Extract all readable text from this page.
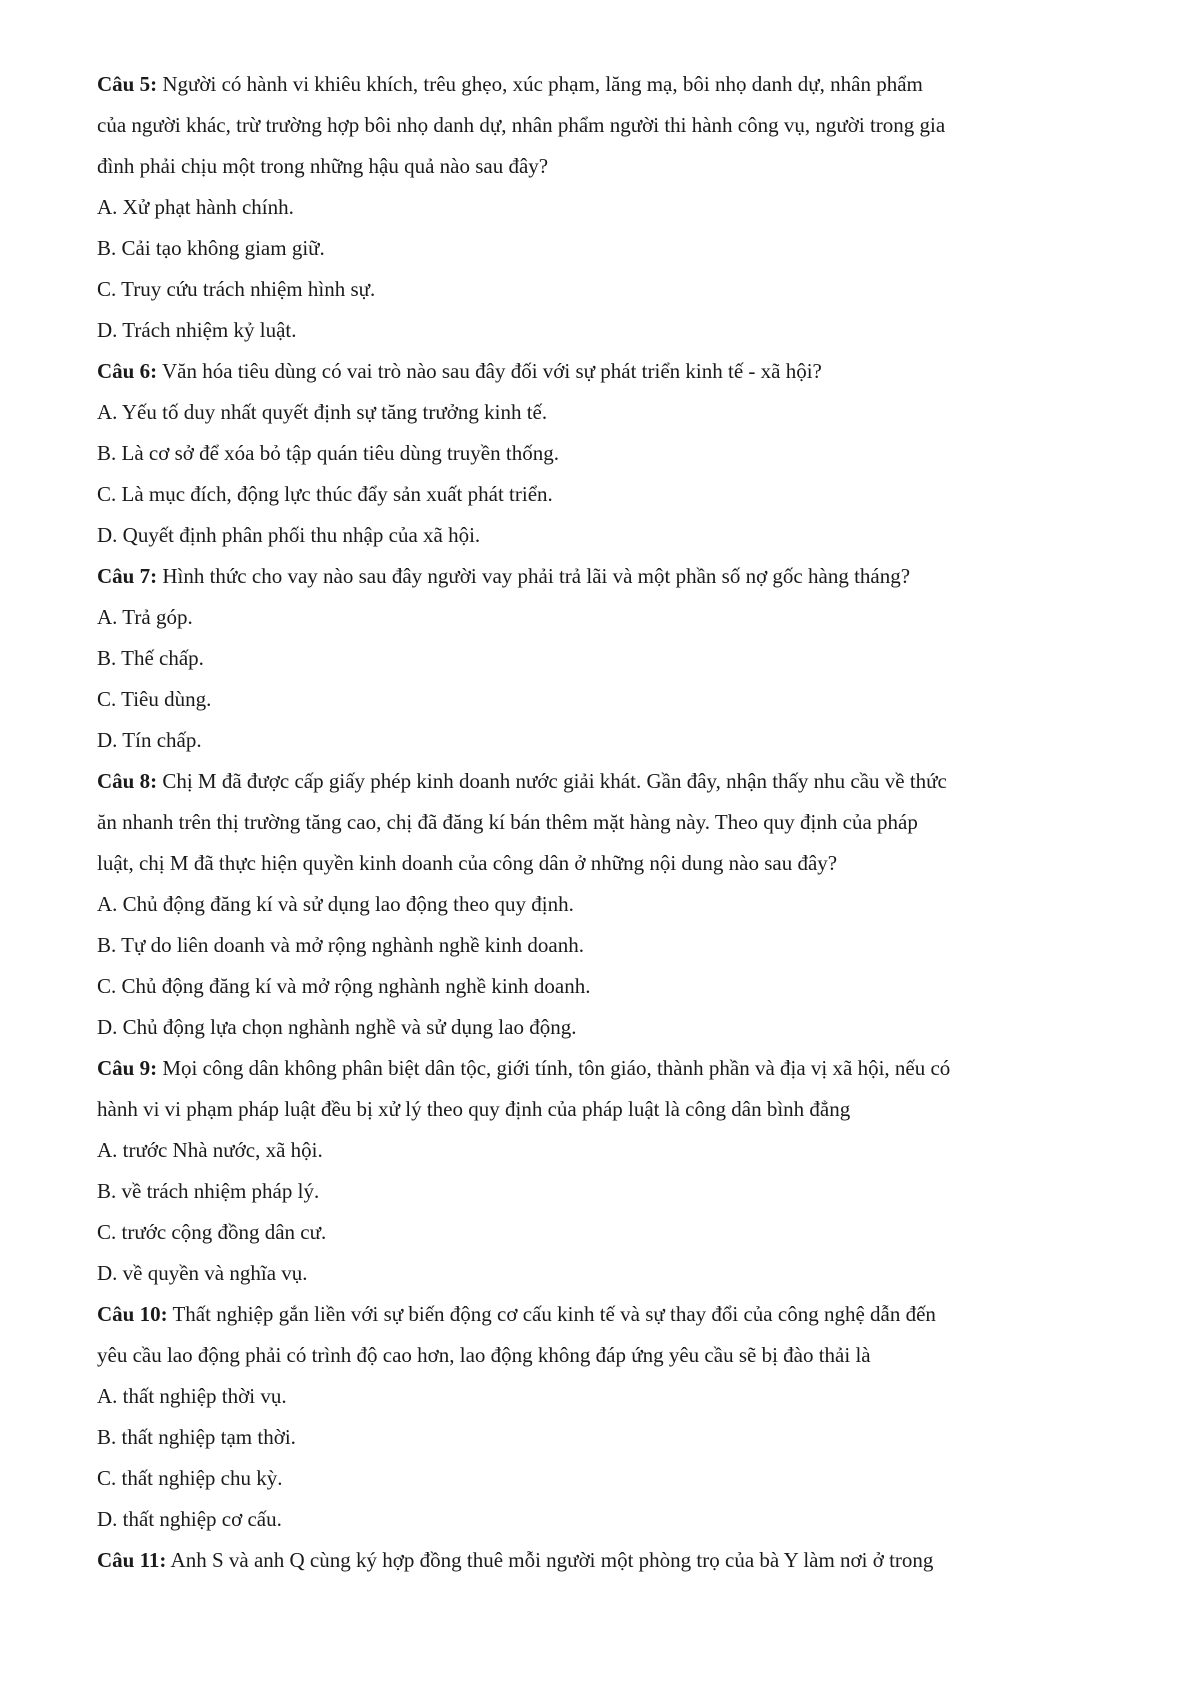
Câu 5: Người có hành vi khiêu khích, trêu ghẹo, xúc phạm, lăng mạ, bôi nhọ danh dự, nhân phẩm
của người khác, trừ trường hợp bôi nhọ danh dự, nhân phẩm người thi hành công vụ, người trong gia
đình phải chịu một trong những hậu quả nào sau đây?
A. Xử phạt hành chính.
B. Cải tạo không giam giữ.
C. Truy cứu trách nhiệm hình sự.
D. Trách nhiệm kỷ luật.
Câu 6: Văn hóa tiêu dùng có vai trò nào sau đây đối với sự phát triển kinh tế - xã hội?
A. Yếu tố duy nhất quyết định sự tăng trưởng kinh tế.
B. Là cơ sở để xóa bỏ tập quán tiêu dùng truyền thống.
C. Là mục đích, động lực thúc đẩy sản xuất phát triển.
D. Quyết định phân phối thu nhập của xã hội.
Câu 7: Hình thức cho vay nào sau đây người vay phải trả lãi và một phần số nợ gốc hàng tháng?
A. Trả góp.
B. Thế chấp.
C. Tiêu dùng.
D. Tín chấp.
Câu 8: Chị M đã được cấp giấy phép kinh doanh nước giải khát. Gần đây, nhận thấy nhu cầu về thức
ăn nhanh trên thị trường tăng cao, chị đã đăng kí bán thêm mặt hàng này. Theo quy định của pháp
luật, chị M đã thực hiện quyền kinh doanh của công dân ở những nội dung nào sau đây?
A. Chủ động đăng kí và sử dụng lao động theo quy định.
B. Tự do liên doanh và mở rộng nghành nghề kinh doanh.
C. Chủ động đăng kí và mở rộng nghành nghề kinh doanh.
D. Chủ động lựa chọn nghành nghề và sử dụng lao động.
Câu 9: Mọi công dân không phân biệt dân tộc, giới tính, tôn giáo, thành phần và địa vị xã hội, nếu có
hành vi vi phạm pháp luật đều bị xử lý theo quy định của pháp luật là công dân bình đẳng
A. trước Nhà nước, xã hội.
B. về trách nhiệm pháp lý.
C. trước cộng đồng dân cư.
D. về quyền và nghĩa vụ.
Câu 10: Thất nghiệp gắn liền với sự biến động cơ cấu kinh tế và sự thay đổi của công nghệ dẫn đến
yêu cầu lao động phải có trình độ cao hơn, lao động không đáp ứng yêu cầu sẽ bị đào thải là
A. thất nghiệp thời vụ.
B. thất nghiệp tạm thời.
C. thất nghiệp chu kỳ.
D. thất nghiệp cơ cấu.
Câu 11: Anh S và anh Q cùng ký hợp đồng thuê mỗi người một phòng trọ của bà Y làm nơi ở trong
